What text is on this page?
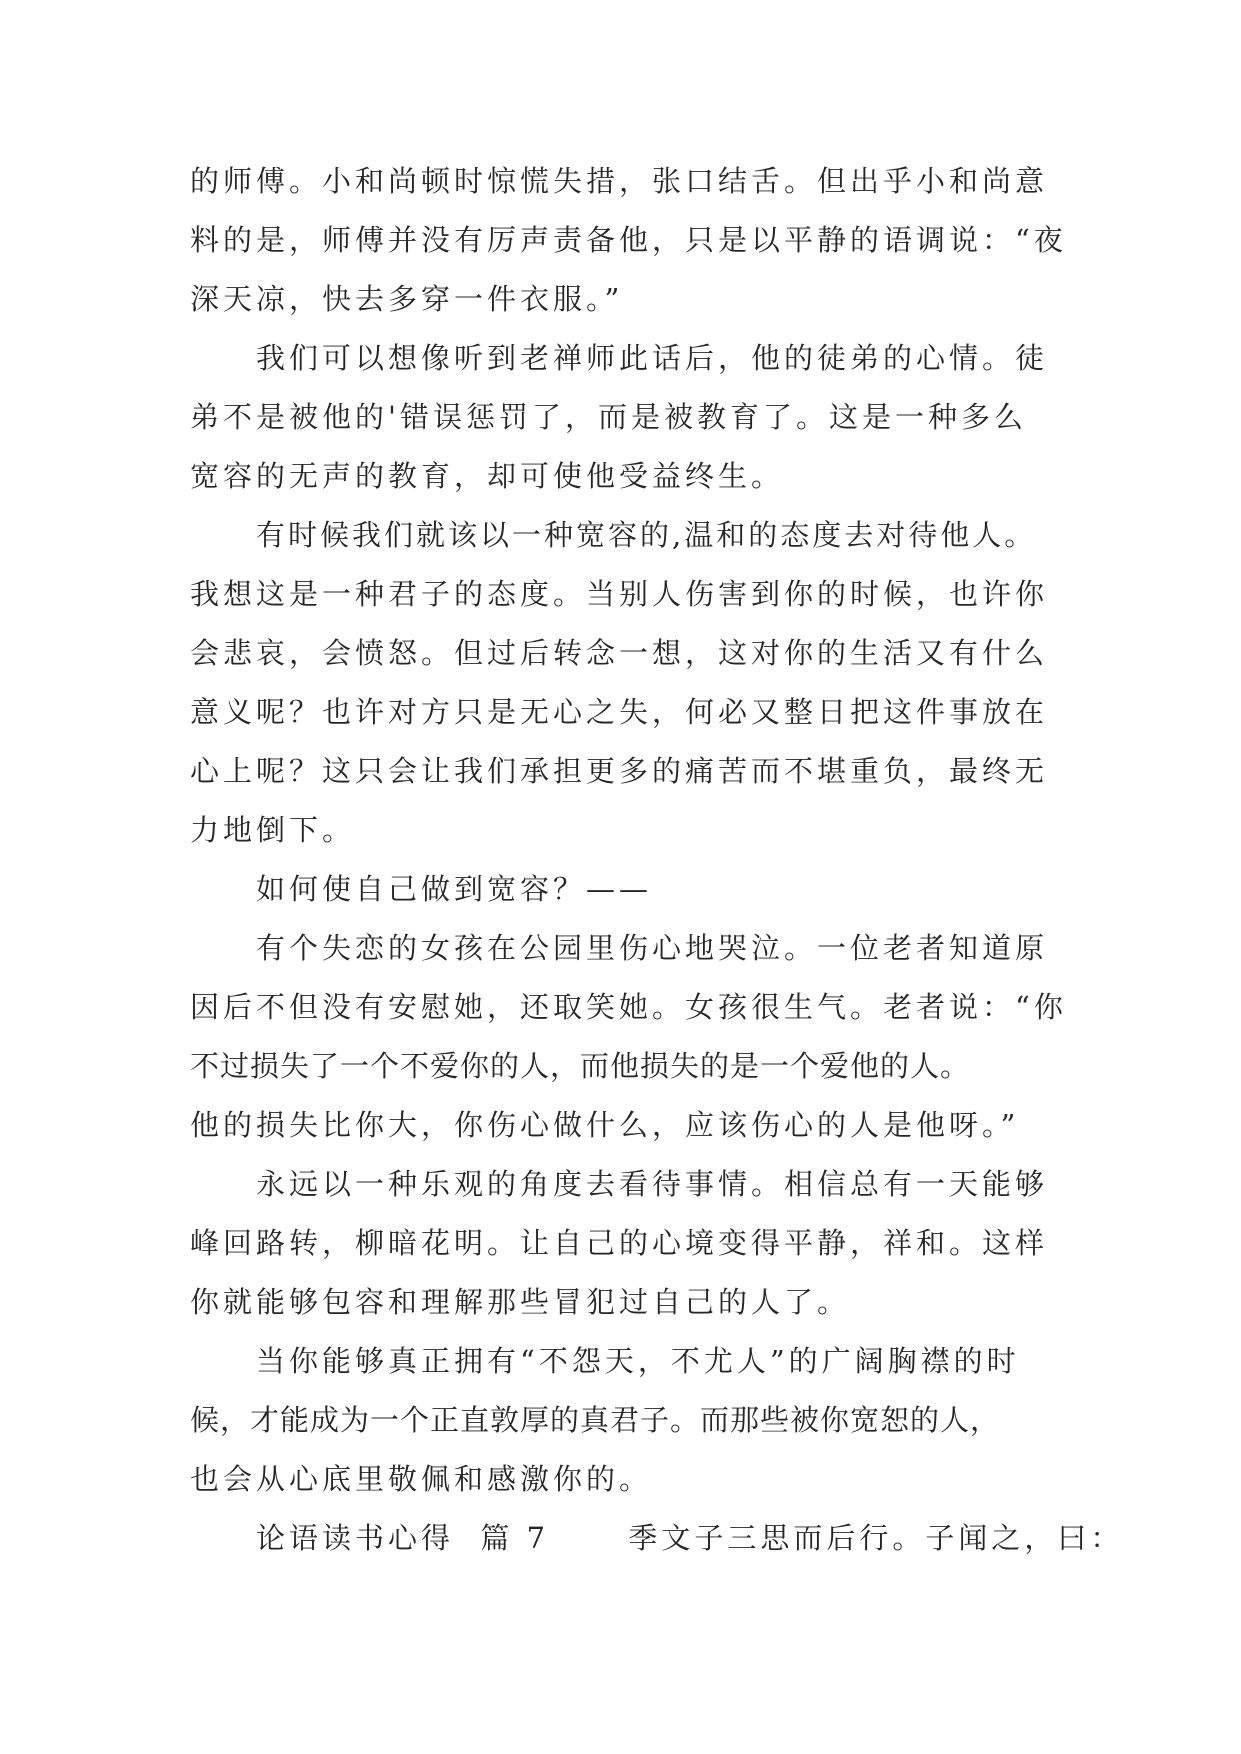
的师傅。小和尚顿时惊慌失措，张口结舌。但出乎小和尚意
料的是，师傅并没有厉声责备他，只是以平静的语调说：“夜
深天凉，快去多穿一件衣服。”
我们可以想像听到老禅师此话后，他的徒弟的心情。徒
弟不是被他的'错误惩罚了，而是被教育了。这是一种多么
宽容的无声的教育，却可使他受益终生。
有时候我们就该以一种宽容的,温和的态度去对待他人。
我想这是一种君子的态度。当别人伤害到你的时候，也许你
会悲哀，会愤怒。但过后转念一想，这对你的生活又有什么
意义呢？也许对方只是无心之失，何必又整日把这件事放在
心上呢？这只会让我们承担更多的痛苦而不堪重负，最终无
力地倒下。
如何使自己做到宽容？——
有个失恋的女孩在公园里伤心地哭泣。一位老者知道原
因后不但没有安慰她，还取笑她。女孩很生气。老者说：“你
不过损失了一个不爱你的人，而他损失的是一个爱他的人。
他的损失比你大，你伤心做什么，应该伤心的人是他呀。”
永远以一种乐观的角度去看待事情。相信总有一天能够
峰回路转，柳暗花明。让自己的心境变得平静，祥和。这样
你就能够包容和理解那些冒犯过自己的人了。
当你能够真正拥有“不怨天，不尤人”的广阔胸襟的时
候，才能成为一个正直敦厚的真君子。而那些被你宽恕的人，
也会从心底里敬佩和感激你的。
论语读书心得  篇 7      季文子三思而后行。子闻之，曰：
